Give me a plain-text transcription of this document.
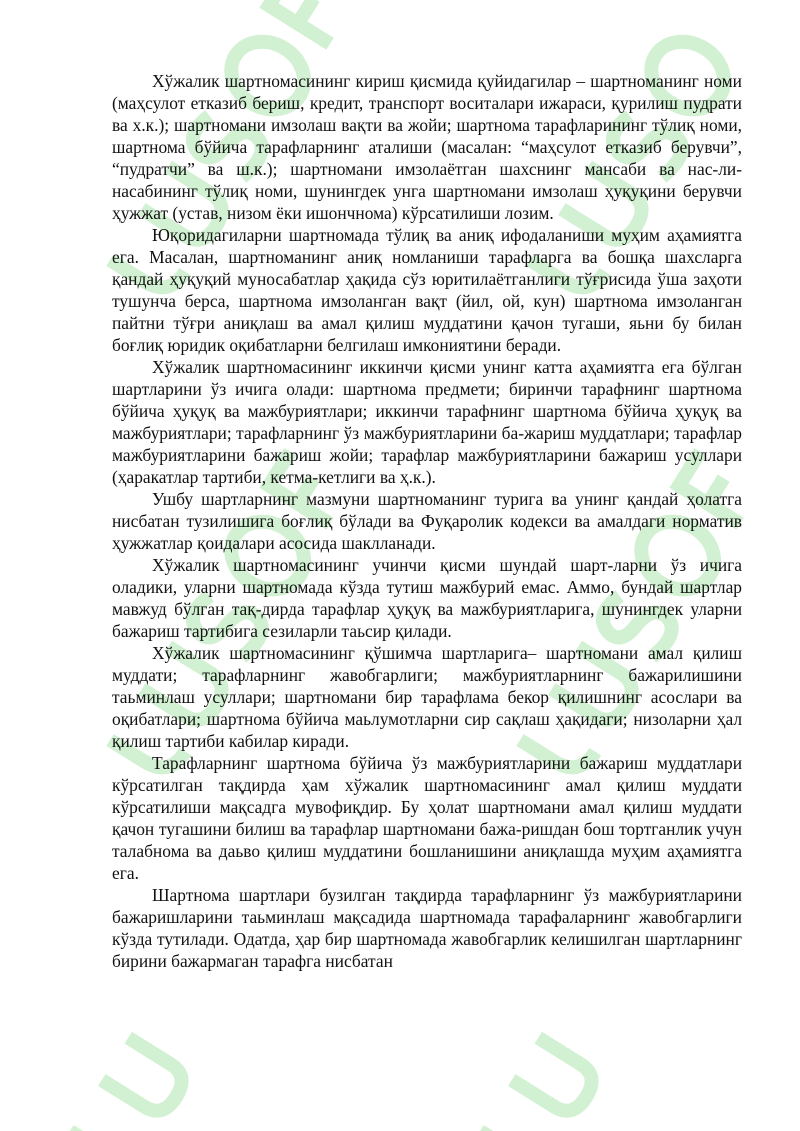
Хўжалик шартномасининг кириш қисмида қуйидагилар – шартноманинг номи (маҳсулот етказиб бериш, кредит, транспорт воситалари ижараси, қурилиш пудрати ва х.к.); шартномани имзолаш вақти ва жойи; шартнома тарафларининг тўлиқ номи, шартнома бўйича тарафларнинг аталиши (масалан: “маҳсулот етказиб берувчи”, “пудратчи” ва ш.к.); шартномани имзолаётган шахснинг мансаби ва нас-ли-насабининг тўлиқ номи, шунингдек унга шартномани имзолаш ҳуқуқини берувчи ҳужжат (устав, низом ёки ишончнома) кўрсатилиши лозим.

Юқоридагиларни шартномада тўлиқ ва аниқ ифодаланиши муҳим аҳамиятга ега. Масалан, шартноманинг аниқ номланиши тарафларга ва бошқа шахсларга қандай ҳуқуқий муносабатлар ҳақида сўз юритилаётганлиги тўғрисида ўша заҳоти тушунча берса, шартнома имзоланган вақт (йил, ой, кун) шартнома имзоланган пайтни тўғри аниқлаш ва амал қилиш муддатини қачон тугаши, яьни бу билан боғлиқ юридик оқибатларни белгилаш имкониятини беради.

Хўжалик шартномасининг иккинчи қисми унинг катта аҳамиятга ега бўлган шартларини ўз ичига олади: шартнома предмети; биринчи тарафнинг шартнома бўйича ҳуқуқ ва мажбуриятлари; иккинчи тарафнинг шартнома бўйича ҳуқуқ ва мажбуриятлари; тарафларнинг ўз мажбуриятларини ба-жариш муддатлари; тарафлар мажбуриятларини бажариш жойи; тарафлар мажбуриятларини бажариш усуллари (ҳаракатлар тартиби, кетма-кетлиги ва ҳ.к.).

Ушбу шартларнинг мазмуни шартноманинг турига ва унинг қандай ҳолатга нисбатан тузилишига боғлиқ бўлади ва Фуқаролик кодекси ва амалдаги норматив ҳужжатлар қоидалари асосида шаклланади.

Хўжалик шартномасининг учинчи қисми шундай шарт-ларни ўз ичига оладики, уларни шартномада кўзда тутиш мажбурий емас. Аммо, бундай шартлар мавжуд бўлган тақ-дирда тарафлар ҳуқуқ ва мажбуриятларига, шунингдек уларни бажариш тартибига сезиларли таьсир қилади.

Хўжалик шартномасининг қўшимча шартларига– шартномани амал қилиш муддати; тарафларнинг жавобгарлиги; мажбуриятларнинг бажарилишини таьминлаш усуллари; шартномани бир тарафлама бекор қилишнинг асослари ва оқибатлари; шартнома бўйича маьлумотларни сир сақлаш ҳақидаги; низоларни ҳал қилиш тартиби кабилар киради.

Тарафларнинг шартнома бўйича ўз мажбуриятларини бажариш муддатлари кўрсатилган тақдирда ҳам хўжалик шартномасининг амал қилиш муддати кўрсатилиши мақсадга мувофиқдир. Бу ҳолат шартномани амал қилиш муддати қачон тугашини билиш ва тарафлар шартномани бажа-ришдан бош тортганлик учун талабнома ва даьво қилиш муддатини бошланишини аниқлашда муҳим аҳамиятга ега.

Шартнома шартлари бузилган тақдирда тарафларнинг ўз мажбуриятларини бажаришларини таьминлаш мақсадида шартномада тарафаларнинг жавобгарлиги кўзда тутилади. Одатда, ҳар бир шартномада жавобгарлик келишилган шартларнинг бирини бажармаган тарафга нисбатан
